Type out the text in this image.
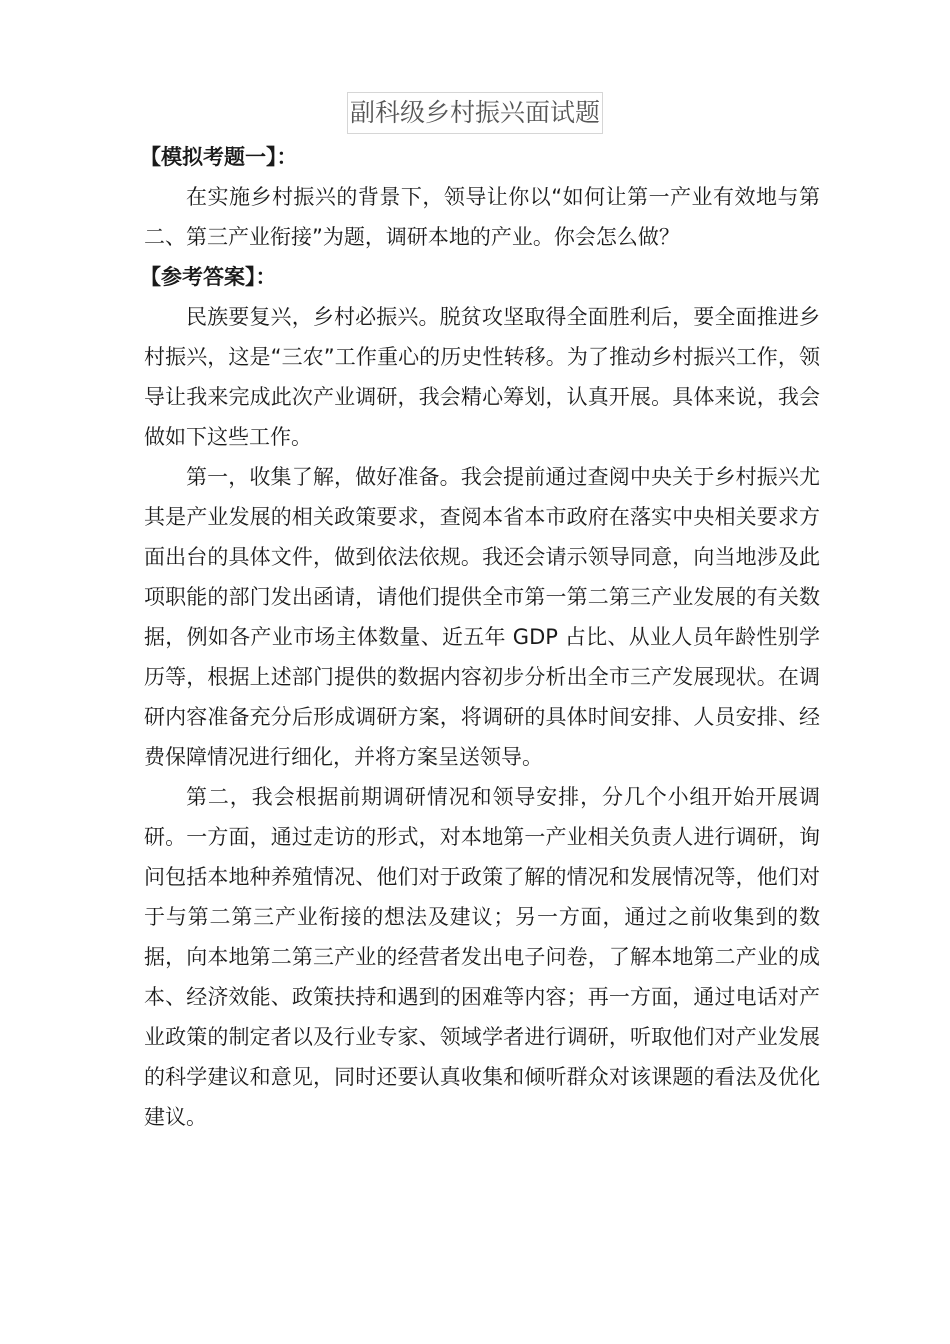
副科级乡村振兴面试题
【模拟考题一】：

在实施乡村振兴的背景下，领导让你以“如何让第一产业有效地与第二、第三产业衔接”为题，调研本地的产业。你会怎么做？

【参考答案】：

民族要复兴，乡村必振兴。脱贫攻坚取得全面胜利后，要全面推进乡村振兴，这是“三农”工作重心的历史性转移。为了推动乡村振兴工作，领导让我来完成此次产业调研，我会精心筹划，认真开展。具体来说，我会做如下这些工作。

第一，收集了解，做好准备。我会提前通过查阅中央关于乡村振兴尤其是产业发展的相关政策要求，查阅本省本市政府在落实中央相关要求方面出台的具体文件，做到依法依规。我还会请示领导同意，向当地涉及此项职能的部门发出函请，请他们提供全市第一第二第三产业发展的有关数据，例如各产业市场主体数量、近五年 GDP 占比、从业人员年龄性别学历等，根据上述部门提供的数据内容初步分析出全市三产发展现状。在调研内容准备充分后形成调研方案，将调研的具体时间安排、人员安排、经费保障情况进行细化，并将方案呈送领导。

第二，我会根据前期调研情况和领导安排，分几个小组开始开展调研。一方面，通过走访的形式，对本地第一产业相关负责人进行调研，询问包括本地种养殖情况、他们对于政策了解的情况和发展情况等，他们对于与第二第三产业衔接的想法及建议；另一方面，通过之前收集到的数据，向本地第二第三产业的经营者发出电子问卷，了解本地第二产业的成本、经济效能、政策扶持和遇到的困难等内容；再一方面，通过电话对产业政策的制定者以及行业专家、领域学者进行调研，听取他们对产业发展的科学建议和意见，同时还要认真收集和倾听群众对该课题的看法及优化建议。
